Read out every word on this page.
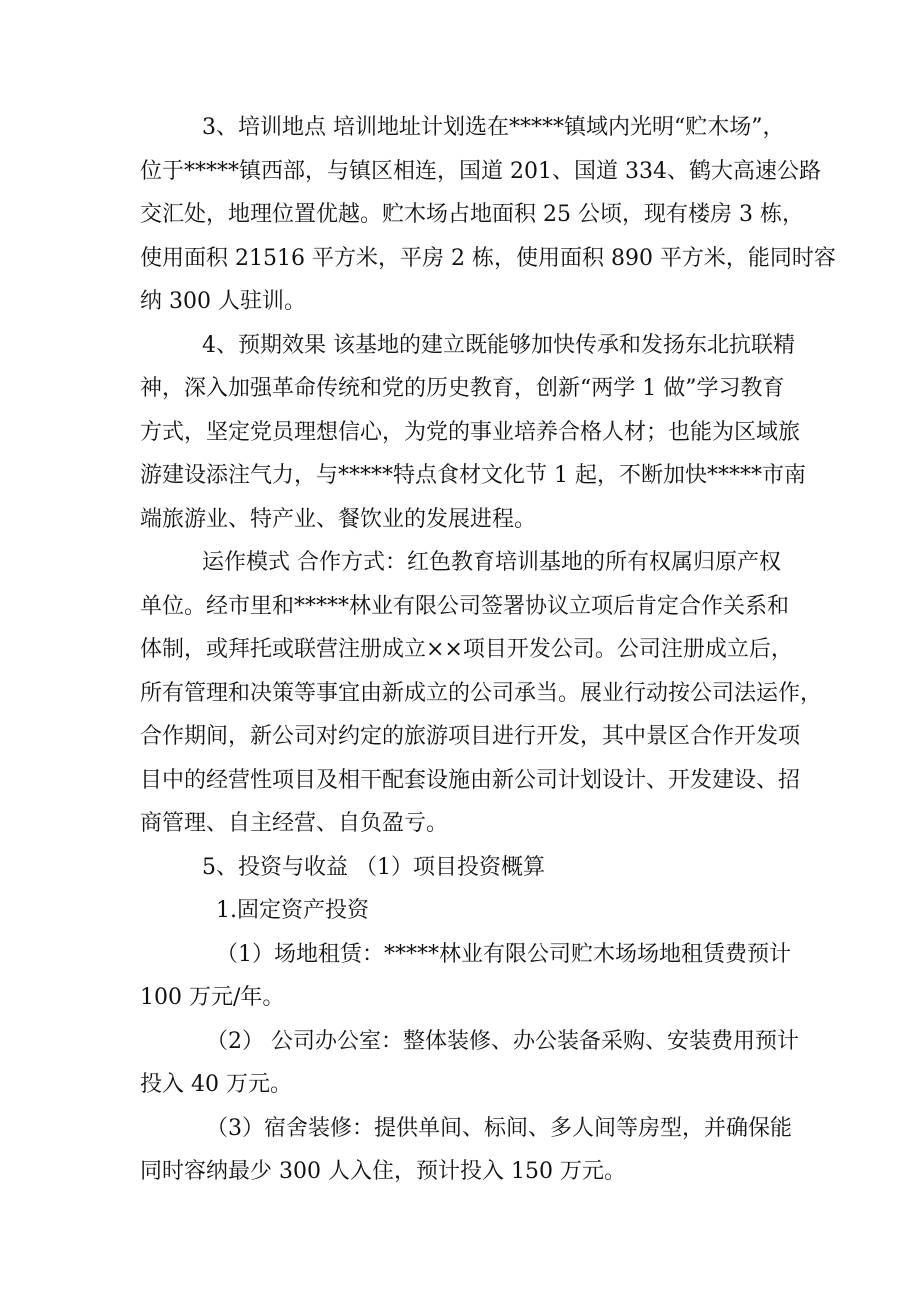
3、培训地点 培训地址计划选在*****镇域内光明“贮木场”，
位于*****镇西部，与镇区相连，国道 201、国道 334、鹤大高速公路
交汇处，地理位置优越。贮木场占地面积 25 公顷，现有楼房 3 栋，
使用面积 21516 平方米，平房 2 栋，使用面积 890 平方米，能同时容
纳 300 人驻训。
4、预期效果 该基地的建立既能够加快传承和发扬东北抗联精
神，深入加强革命传统和党的历史教育，创新“两学 1 做”学习教育
方式，坚定党员理想信心，为党的事业培养合格人材；也能为区域旅
游建设添注气力，与*****特点食材文化节 1 起，不断加快*****市南
端旅游业、特产业、餐饮业的发展进程。
运作模式 合作方式：红色教育培训基地的所有权属归原产权
单位。经市里和*****林业有限公司签署协议立项后肯定合作关系和
体制，或拜托或联营注册成立××项目开发公司。公司注册成立后，
所有管理和决策等事宜由新成立的公司承当。展业行动按公司法运作，
合作期间，新公司对约定的旅游项目进行开发，其中景区合作开发项
目中的经营性项目及相干配套设施由新公司计划设计、开发建设、招
商管理、自主经营、自负盈亏。
5、投资与收益 （1）项目投资概算
1.固定资产投资
（1）场地租赁：*****林业有限公司贮木场场地租赁费预计
100 万元/年。
（2） 公司办公室：整体装修、办公装备采购、安装费用预计
投入 40 万元。
（3）宿舍装修：提供单间、标间、多人间等房型，并确保能
同时容纳最少 300 人入住，预计投入 150 万元。
